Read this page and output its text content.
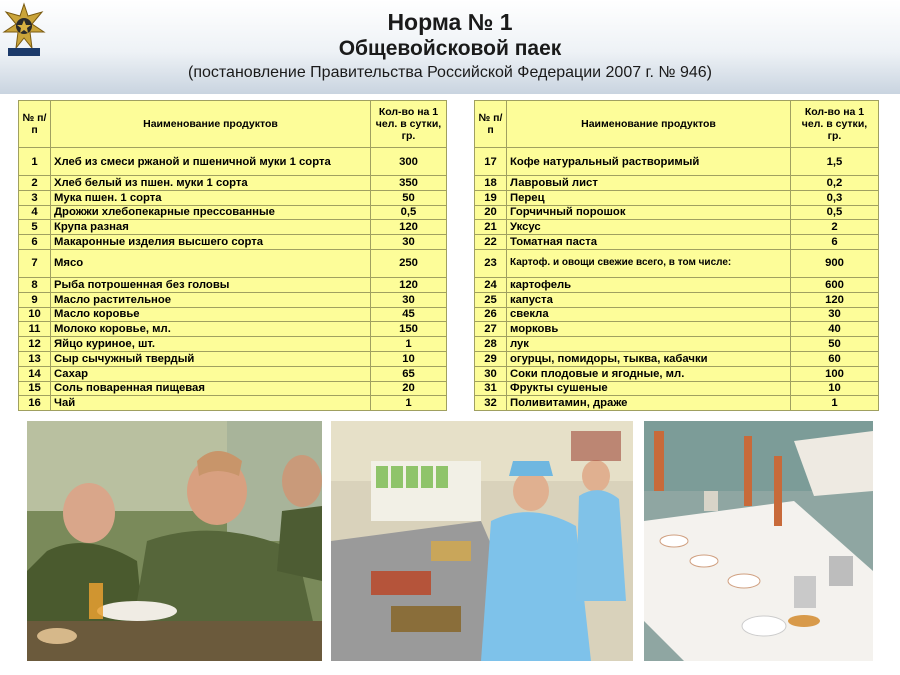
Норма № 1
Общевойсковой паек
(постановление Правительства Российской Федерации 2007 г. № 946)
№ п/п	Наименование продуктов	Кол-во на 1 чел. в сутки, гр.
1	Хлеб из смеси ржаной и пшеничной муки 1 сорта	300
2	Хлеб белый из пшен. муки 1 сорта	350
3	Мука пшен. 1 сорта	50
4	Дрожжи хлебопекарные прессованные	0,5
5	Крупа разная	120
6	Макаронные изделия высшего сорта	30
7	Мясо	250
8	Рыба потрошенная без головы	120
9	Масло растительное	30
10	Масло коровье	45
11	Молоко коровье, мл.	150
12	Яйцо куриное, шт.	1
13	Сыр сычужный твердый	10
14	Сахар	65
15	Соль поваренная пищевая	20
16	Чай	1
№ п/п	Наименование продуктов	Кол-во на 1 чел. в сутки, гр.
17	Кофе натуральный растворимый	1,5
18	Лавровый лист	0,2
19	Перец	0,3
20	Горчичный порошок	0,5
21	Уксус	2
22	Томатная паста	6
23	Картоф. и овощи свежие всего, в том числе:	900
24	картофель	600
25	капуста	120
26	свекла	30
27	морковь	40
28	лук	50
29	огурцы, помидоры, тыква, кабачки	60
30	Соки плодовые и ягодные, мл.	100
31	Фрукты сушеные	10
32	Поливитамин, драже	1
